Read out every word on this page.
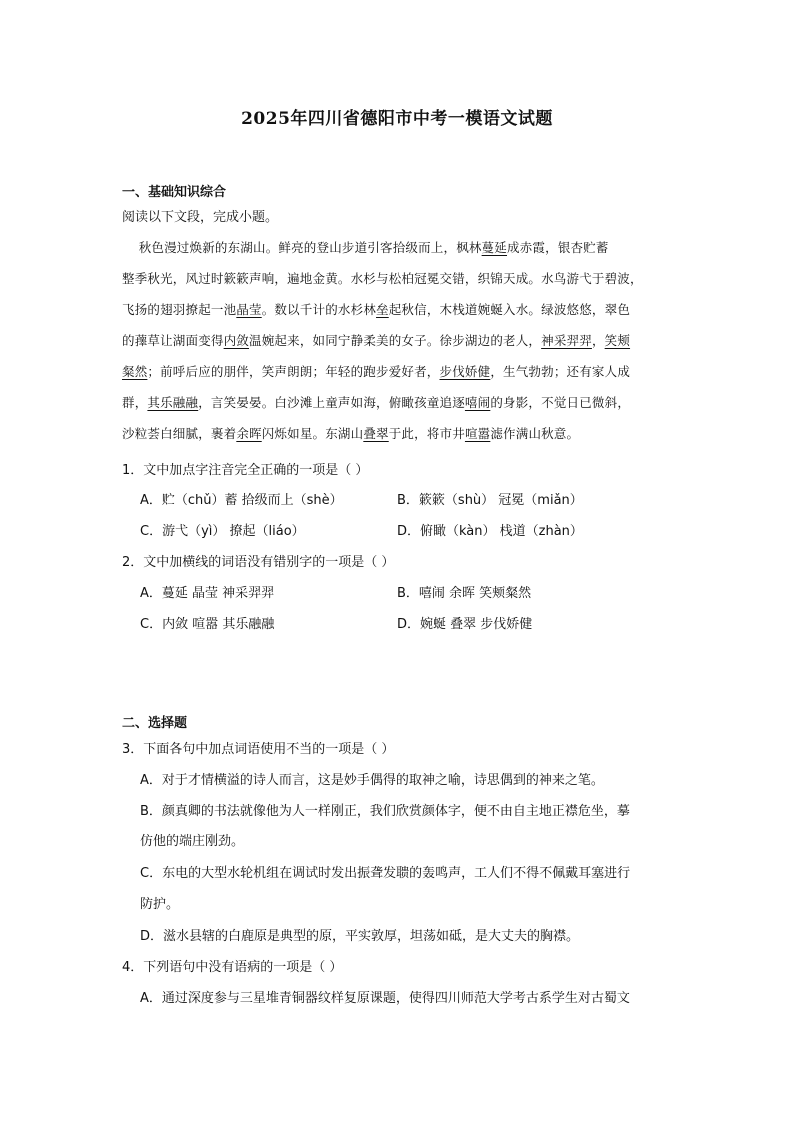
2025年四川省德阳市中考一模语文试题
一、基础知识综合
阅读以下文段，完成小题。
秋色漫过焕新的东湖山。鲜亮的登山步道引客拾级而上，枫林蔓延成赤霞，银杏贮蓄
整季秋光，风过时簌簌声响，遍地金黄。水杉与松柏冠冕交错，织锦天成。水鸟游弋于碧波，
飞扬的翅羽撩起一池晶莹。数以千计的水杉林垒起秋信，木栈道婉蜒入水。绿波悠悠，翠色
的蘀草让湖面变得内敛温婉起来，如同宁静柔美的女子。徐步湖边的老人，神采羿羿，笑颊
粲然；前呼后应的朋伴，笑声朗朗；年轻的跑步爱好者，步伐娇健，生气勃勃；还有家人成
群，其乐融融，言笑晏晏。白沙滩上童声如海，俯瞰孩童追逐嘻闹的身影，不觉日已微斜，
沙粒荟白细腻，裹着余晖闪烁如星。东湖山叠翠于此，将市井喧嚣滤作满山秋意。
1．文中加点字注音完全正确的一项是（ ）
A．贮（chǔ）蓄 拾级而上（shè）	B．簌簌（shù） 冠冕（miǎn）
C．游弋（yì） 撩起（liáo）	D．俯瞰（kàn） 栈道（zhàn）
2．文中加横线的词语没有错别字的一项是（ ）
A．蔓延 晶莹 神采羿羿	B．嘻闹 余晖 笑颊粲然
C．内敛 喧嚣 其乐融融	D．婉蜒 叠翠 步伐娇健
二、选择题
3．下面各句中加点词语使用不当的一项是（ ）
A．对于才情横溢的诗人而言，这是妙手偶得的取神之喻，诗思偶到的神来之笔。
B．颜真卿的书法就像他为人一样刚正，我们欣赏颜体字，便不由自主地正襟危坐，摹
仿他的端庄刚劲。
C．东电的大型水轮机组在调试时发出振聋发聩的轰鸣声，工人们不得不佩戴耳塞进行
防护。
D．滋水县辖的白鹿原是典型的原，平实敦厚，坦荡如砥，是大丈夫的胸襟。
4．下列语句中没有语病的一项是（ ）
A．通过深度参与三星堆青铜器纹样复原课题，使得四川师范大学考古系学生对古蜀文
